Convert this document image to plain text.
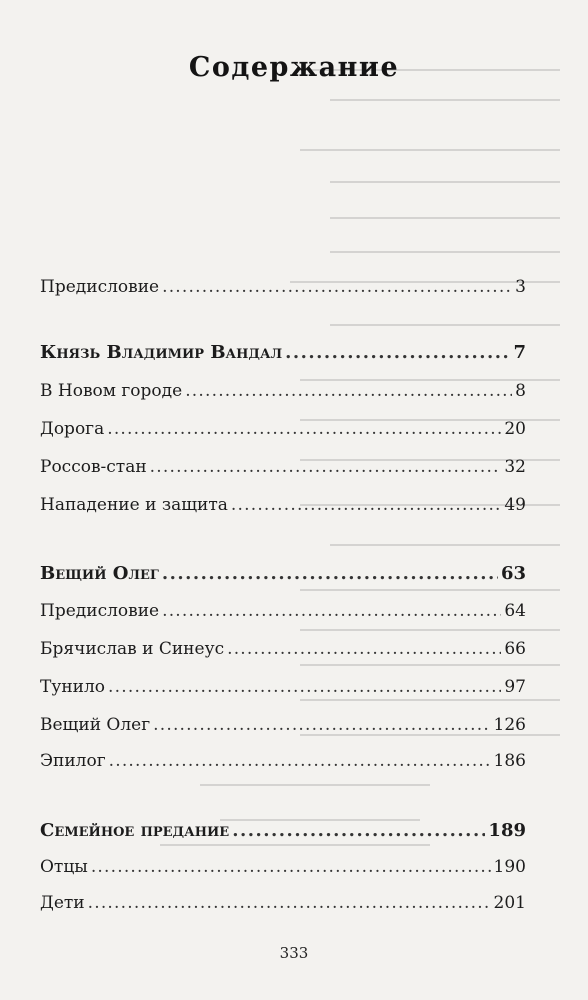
Содержание
Предисловие .....	3
Князь Владимир Вандал .....	7
В Новом городе .....	8
Дорога .....	20
Россов-стан .....	32
Нападение и защита .....	49
Вещий Олег .....	63
Предисловие .....	64
Брячислав и Синеус .....	66
Тунило .....	97
Вещий Олег .....	126
Эпилог .....	186
Семейное предание .....	189
Отцы .....	190
Дети .....	201
333
